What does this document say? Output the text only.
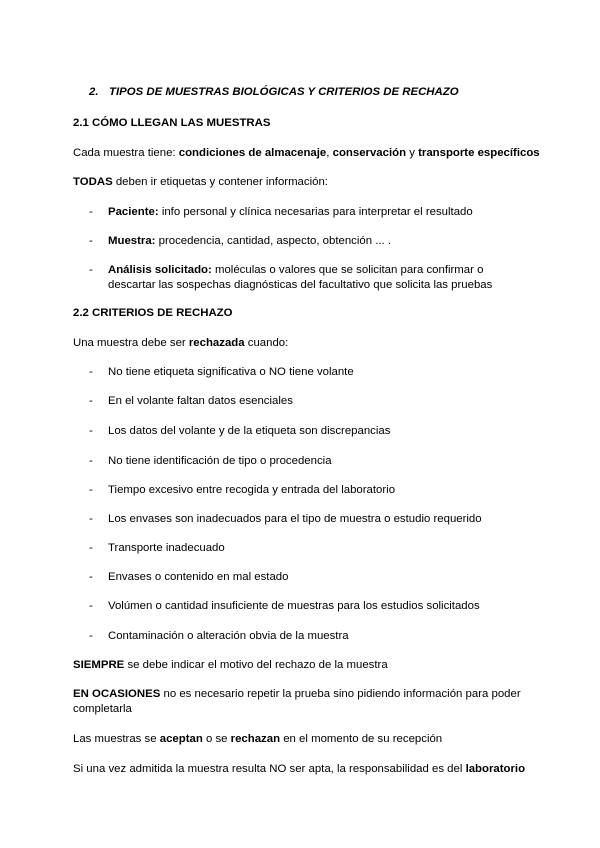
2. TIPOS DE MUESTRAS BIOLÓGICAS Y CRITERIOS DE RECHAZO
2.1 CÓMO LLEGAN LAS MUESTRAS
Cada muestra tiene: condiciones de almacenaje, conservación y transporte específicos
TODAS deben ir etiquetas y contener información:
-	Paciente: info personal y clínica necesarias para interpretar el resultado
-	Muestra: procedencia, cantidad, aspecto, obtención ... .
-	Análisis solicitado: moléculas o valores que se solicitan para confirmar o descartar las sospechas diagnósticas del facultativo que solicita las pruebas
2.2 CRITERIOS DE RECHAZO
Una muestra debe ser rechazada cuando:
-	No tiene etiqueta significativa o NO tiene volante
-	En el volante faltan datos esenciales
-	Los datos del volante y de la etiqueta son discrepancias
-	No tiene identificación de tipo o procedencia
-	Tiempo excesivo entre recogida y entrada del laboratorio
-	Los envases son inadecuados para el tipo de muestra o estudio requerido
-	Transporte inadecuado
-	Envases o contenido en mal estado
-	Volúmen o cantidad insuficiente de muestras para los estudios solicitados
-	Contaminación o alteración obvia de la muestra
SIEMPRE se debe indicar el motivo del rechazo de la muestra
EN OCASIONES no es necesario repetir la prueba sino pidiendo información para poder completarla
Las muestras se aceptan o se rechazan en el momento de su recepción
Si una vez admitida la muestra resulta NO ser apta, la responsabilidad es del laboratorio
